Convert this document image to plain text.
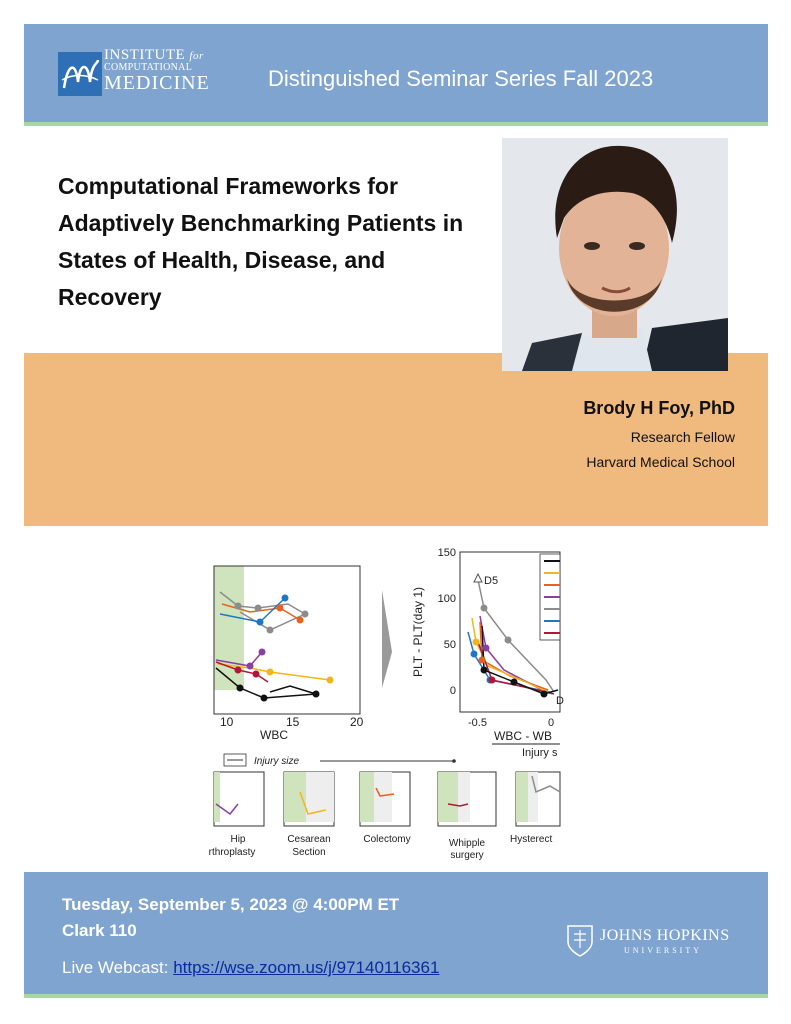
INSTITUTE for
COMPUTATIONAL
MEDICINE	Distinguished Seminar Series Fall 2023
Computational Frameworks for Adaptively Benchmarking Patients in States of Health, Disease, and Recovery
Brody H Foy, PhD
Research Fellow
Harvard Medical School
10	15	20
WBC
150
100
50
0
PLT - PLT(day 1)
D5
D
-0.5	0
WBC - WB
Injury s
Injury size
Hip
rthroplasty
Cesarean
Section
Colectomy	Whipple
surgery
Hysterect
Tuesday, September 5, 2023 @ 4:00PM ET
Clark 110
Live Webcast: https://wse.zoom.us/j/97140116361
JOHNS HOPKINS
UNIVERSITY
